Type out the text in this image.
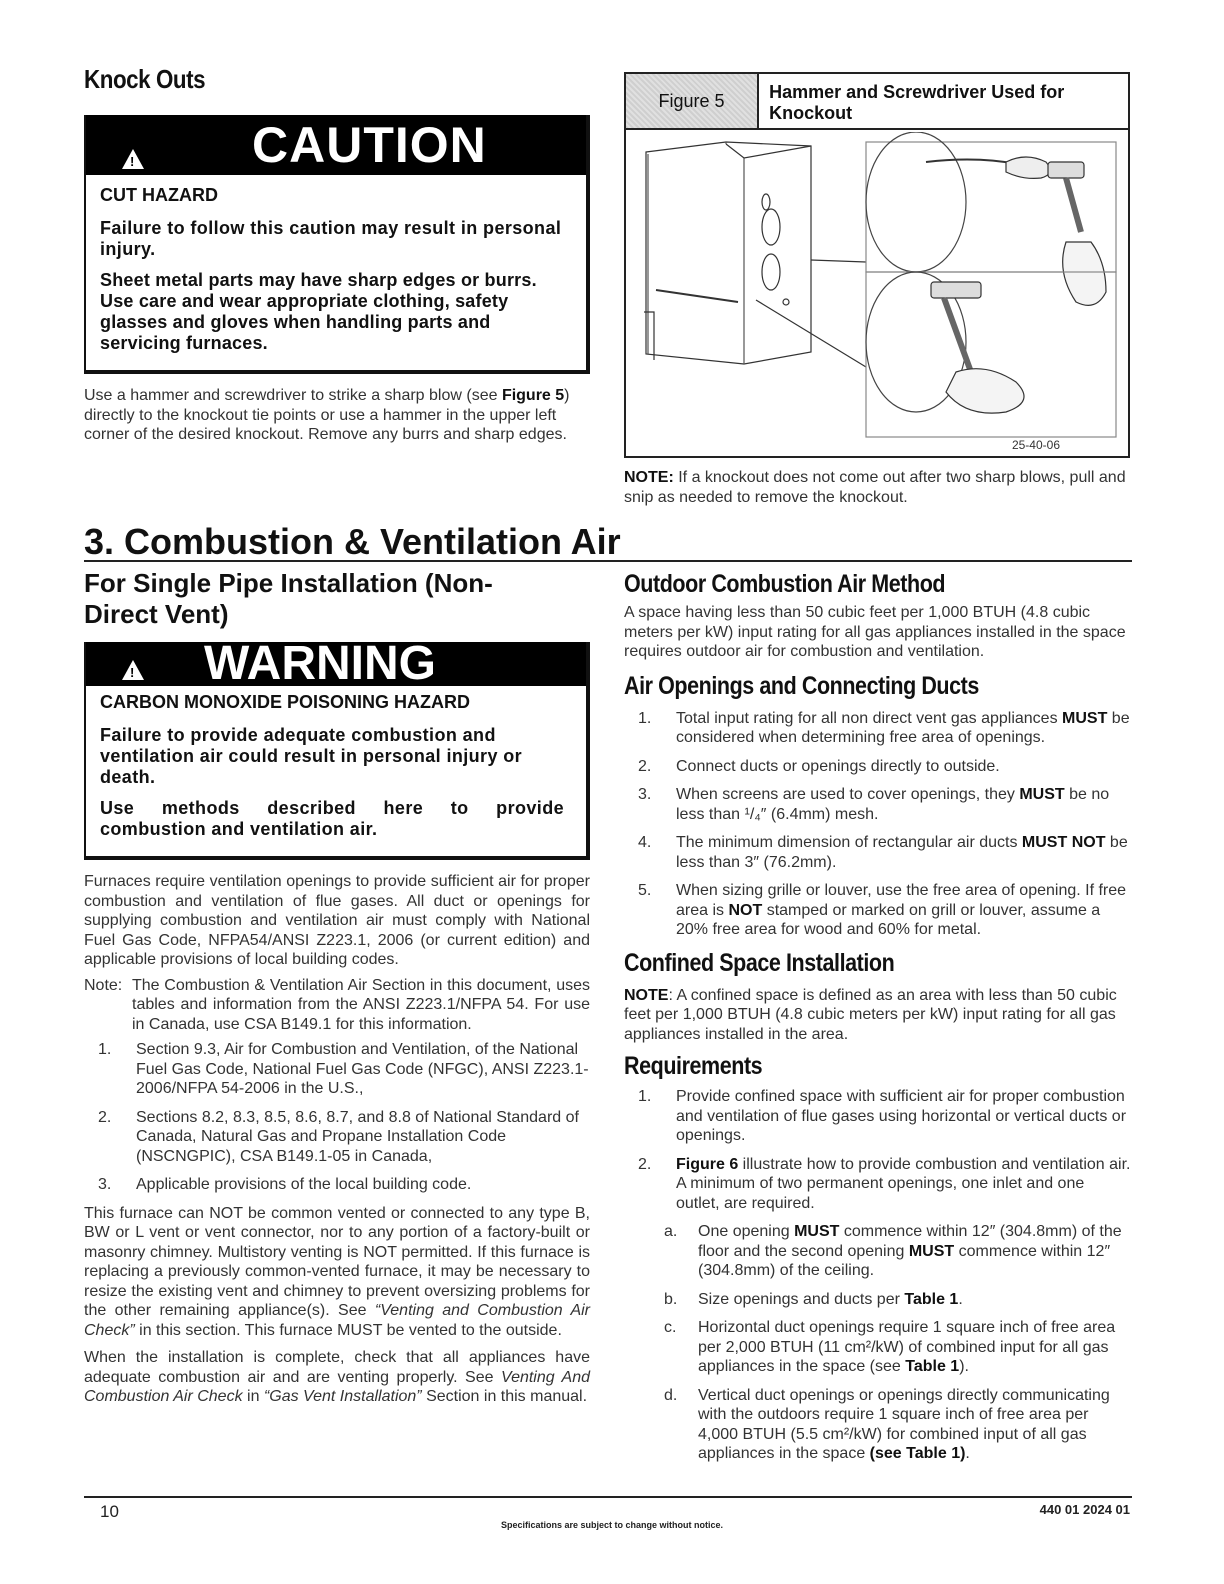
Knock Outs
! CAUTION
CUT HAZARD
Failure to follow this caution may result in personal injury.
Sheet metal parts may have sharp edges or burrs. Use care and wear appropriate clothing, safety glasses and gloves when handling parts and servicing furnaces.

Use a hammer and screwdriver to strike a sharp blow (see Figure 5) directly to the knockout tie points or use a hammer in the upper left corner of the desired knockout. Remove any burrs and sharp edges.

Figure 5	Hammer and Screwdriver Used for Knockout
25-40-06

NOTE: If a knockout does not come out after two sharp blows, pull and snip as needed to remove the knockout.

3. Combustion & Ventilation Air
For Single Pipe Installation (Non-Direct Vent)
! WARNING
CARBON MONOXIDE POISONING HAZARD
Failure to provide adequate combustion and ventilation air could result in personal injury or death.
Use methods described here to provide combustion and ventilation air.

Furnaces require ventilation openings to provide sufficient air for proper combustion and ventilation of flue gases. All duct or openings for supplying combustion and ventilation air must comply with National Fuel Gas Code, NFPA54/ANSI Z223.1, 2006 (or current edition) and applicable provisions of local building codes.

Note: The Combustion & Ventilation Air Section in this document, uses tables and information from the ANSI Z223.1/NFPA 54. For use in Canada, use CSA B149.1 for this information.
1. Section 9.3, Air for Combustion and Ventilation, of the National Fuel Gas Code, National Fuel Gas Code (NFGC), ANSI Z223.1-2006/NFPA 54-2006 in the U.S.,
2. Sections 8.2, 8.3, 8.5, 8.6, 8.7, and 8.8 of National Standard of Canada, Natural Gas and Propane Installation Code (NSCNGPIC), CSA B149.1-05 in Canada,
3. Applicable provisions of the local building code.

This furnace can NOT be common vented or connected to any type B, BW or L vent or vent connector, nor to any portion of a factory-built or masonry chimney. Multistory venting is NOT permitted. If this furnace is replacing a previously common-vented furnace, it may be necessary to resize the existing vent and chimney to prevent oversizing problems for the other remaining appliance(s). See “Venting and Combustion Air Check” in this section. This furnace MUST be vented to the outside.

When the installation is complete, check that all appliances have adequate combustion air and are venting properly. See Venting And Combustion Air Check in “Gas Vent Installation” Section in this manual.

Outdoor Combustion Air Method

A space having less than 50 cubic feet per 1,000 BTUH (4.8 cubic meters per kW) input rating for all gas appliances installed in the space requires outdoor air for combustion and ventilation.

Air Openings and Connecting Ducts
1. Total input rating for all non direct vent gas appliances MUST be considered when determining free area of openings.
2. Connect ducts or openings directly to outside.
3. When screens are used to cover openings, they MUST be no less than ¹/₄″ (6.4mm) mesh.
4. The minimum dimension of rectangular air ducts MUST NOT be less than 3″ (76.2mm).
5. When sizing grille or louver, use the free area of opening. If free area is NOT stamped or marked on grill or louver, assume a 20% free area for wood and 60% for metal.
Confined Space Installation

NOTE: A confined space is defined as an area with less than 50 cubic feet per 1,000 BTUH (4.8 cubic meters per kW) input rating for all gas appliances installed in the area.

Requirements
1. Provide confined space with sufficient air for proper combustion and ventilation of flue gases using horizontal or vertical ducts or openings.
2. Figure 6 illustrate how to provide combustion and ventilation air. A minimum of two permanent openings, one inlet and one outlet, are required.
a. One opening MUST commence within 12″ (304.8mm) of the floor and the second opening MUST commence within 12″ (304.8mm) of the ceiling.
b. Size openings and ducts per Table 1.
c. Horizontal duct openings require 1 square inch of free area per 2,000 BTUH (11 cm²/kW) of combined input for all gas appliances in the space (see Table 1).
d. Vertical duct openings or openings directly communicating with the outdoors require 1 square inch of free area per 4,000 BTUH (5.5 cm²/kW) for combined input of all gas appliances in the space (see Table 1).
10
Specifications are subject to change without notice.
440 01 2024 01
